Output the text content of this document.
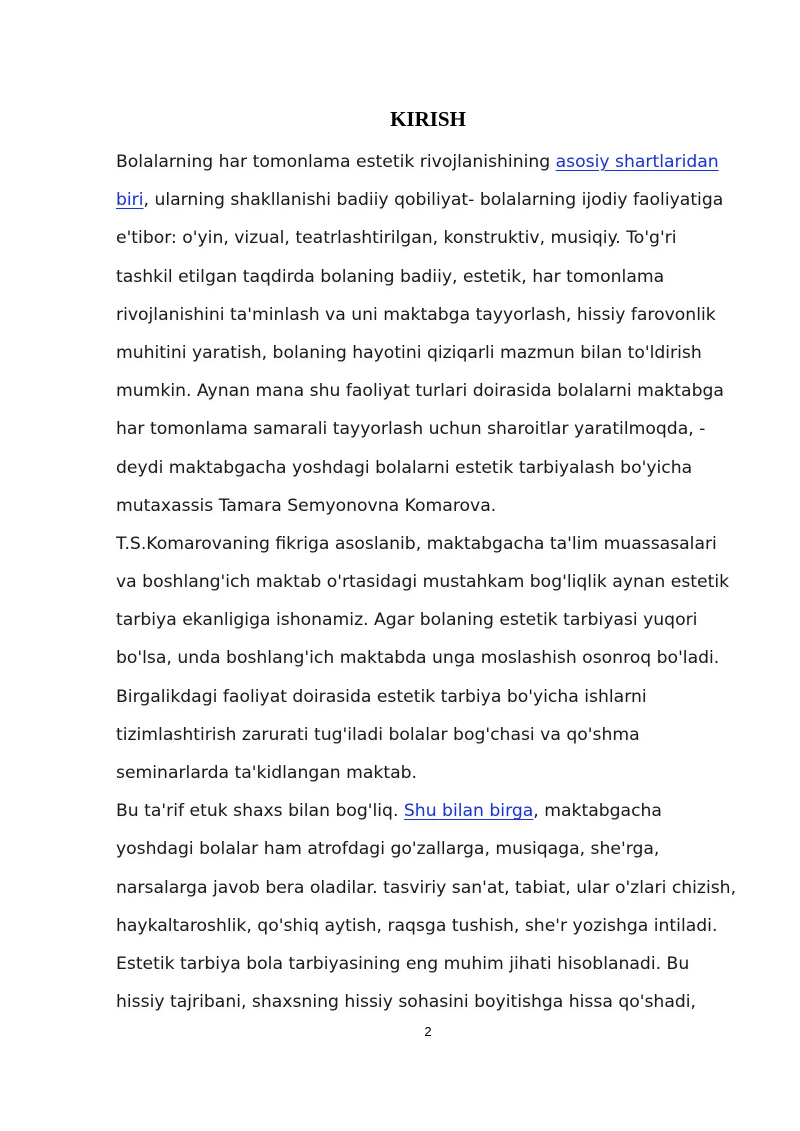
KIRISH
Bolalarning har tomonlama estetik rivojlanishining asosiy shartlaridan
biri, ularning shakllanishi badiiy qobiliyat- bolalarning ijodiy faoliyatiga
e'tibor: o'yin, vizual, teatrlashtirilgan, konstruktiv, musiqiy. To'g'ri
tashkil etilgan taqdirda bolaning badiiy, estetik, har tomonlama
rivojlanishini ta'minlash va uni maktabga tayyorlash, hissiy farovonlik
muhitini yaratish, bolaning hayotini qiziqarli mazmun bilan to'ldirish
mumkin. Aynan mana shu faoliyat turlari doirasida bolalarni maktabga
har tomonlama samarali tayyorlash uchun sharoitlar yaratilmoqda, -
deydi maktabgacha yoshdagi bolalarni estetik tarbiyalash bo'yicha
mutaxassis Tamara Semyonovna Komarova.
T.S.Komarovaning fikriga asoslanib, maktabgacha ta'lim muassasalari
va boshlang'ich maktab o'rtasidagi mustahkam bog'liqlik aynan estetik
tarbiya ekanligiga ishonamiz. Agar bolaning estetik tarbiyasi yuqori
bo'lsa, unda boshlang'ich maktabda unga moslashish osonroq bo'ladi.
Birgalikdagi faoliyat doirasida estetik tarbiya bo'yicha ishlarni
tizimlashtirish zarurati tug'iladi bolalar bog'chasi va qo'shma
seminarlarda ta'kidlangan maktab.
Bu ta'rif etuk shaxs bilan bog'liq. Shu bilan birga, maktabgacha
yoshdagi bolalar ham atrofdagi go'zallarga, musiqaga, she'rga,
narsalarga javob bera oladilar. tasviriy san'at, tabiat, ular o'zlari chizish,
haykaltaroshlik, qo'shiq aytish, raqsga tushish, she'r yozishga intiladi.
Estetik tarbiya bola tarbiyasining eng muhim jihati hisoblanadi. Bu
hissiy tajribani, shaxsning hissiy sohasini boyitishga hissa qo'shadi,
2
